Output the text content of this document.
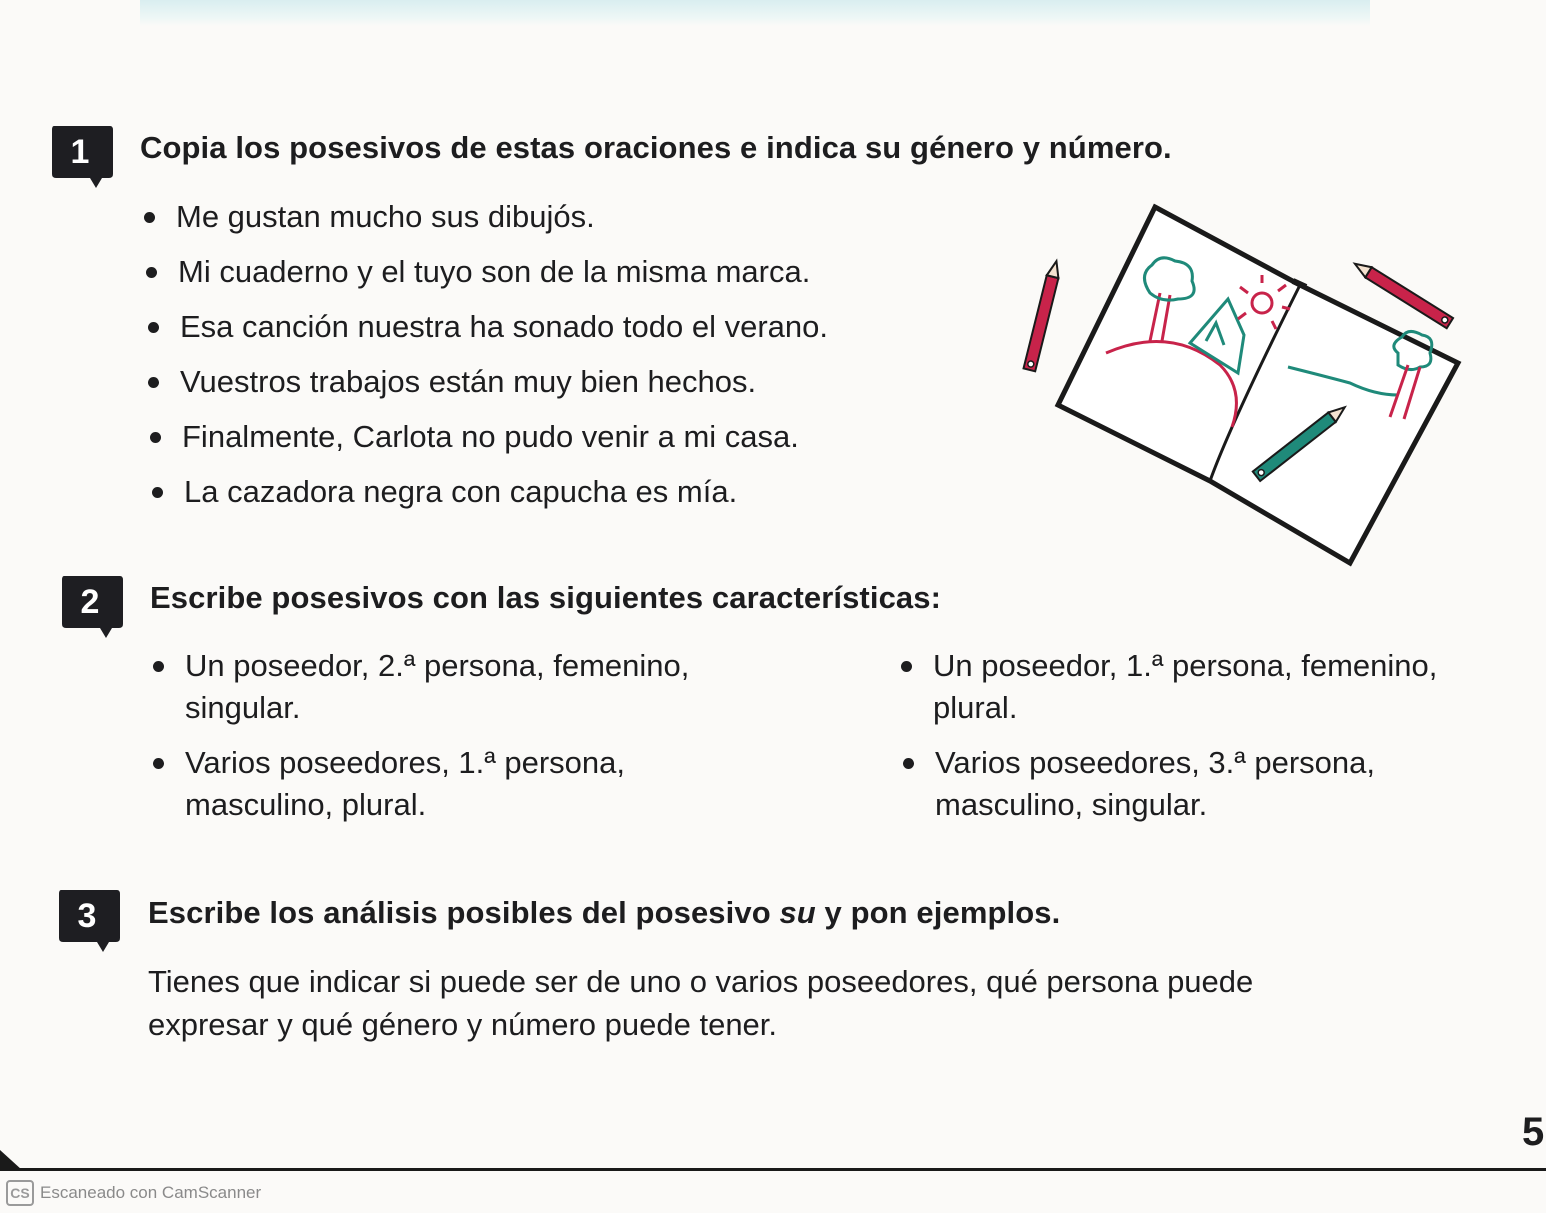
1	Copia los posesivos de estas oraciones e indica su género y número.
Me gustan mucho sus dibujós.
Mi cuaderno y el tuyo son de la misma marca.
Esa canción nuestra ha sonado todo el verano.
Vuestros trabajos están muy bien hechos.
Finalmente, Carlota no pudo venir a mi casa.
La cazadora negra con capucha es mía.
2	Escribe posesivos con las siguientes características:
Un poseedor, 2.ª persona, femenino,
singular.
Varios poseedores, 1.ª persona,
masculino, plural.
Un poseedor, 1.ª persona, femenino,
plural.
Varios poseedores, 3.ª persona,
masculino, singular.
3	Escribe los análisis posibles del posesivo su y pon ejemplos.
Tienes que indicar si puede ser de uno o varios poseedores, qué persona puede
expresar y qué género y número puede tener.
5
CS Escaneado con CamScanner
